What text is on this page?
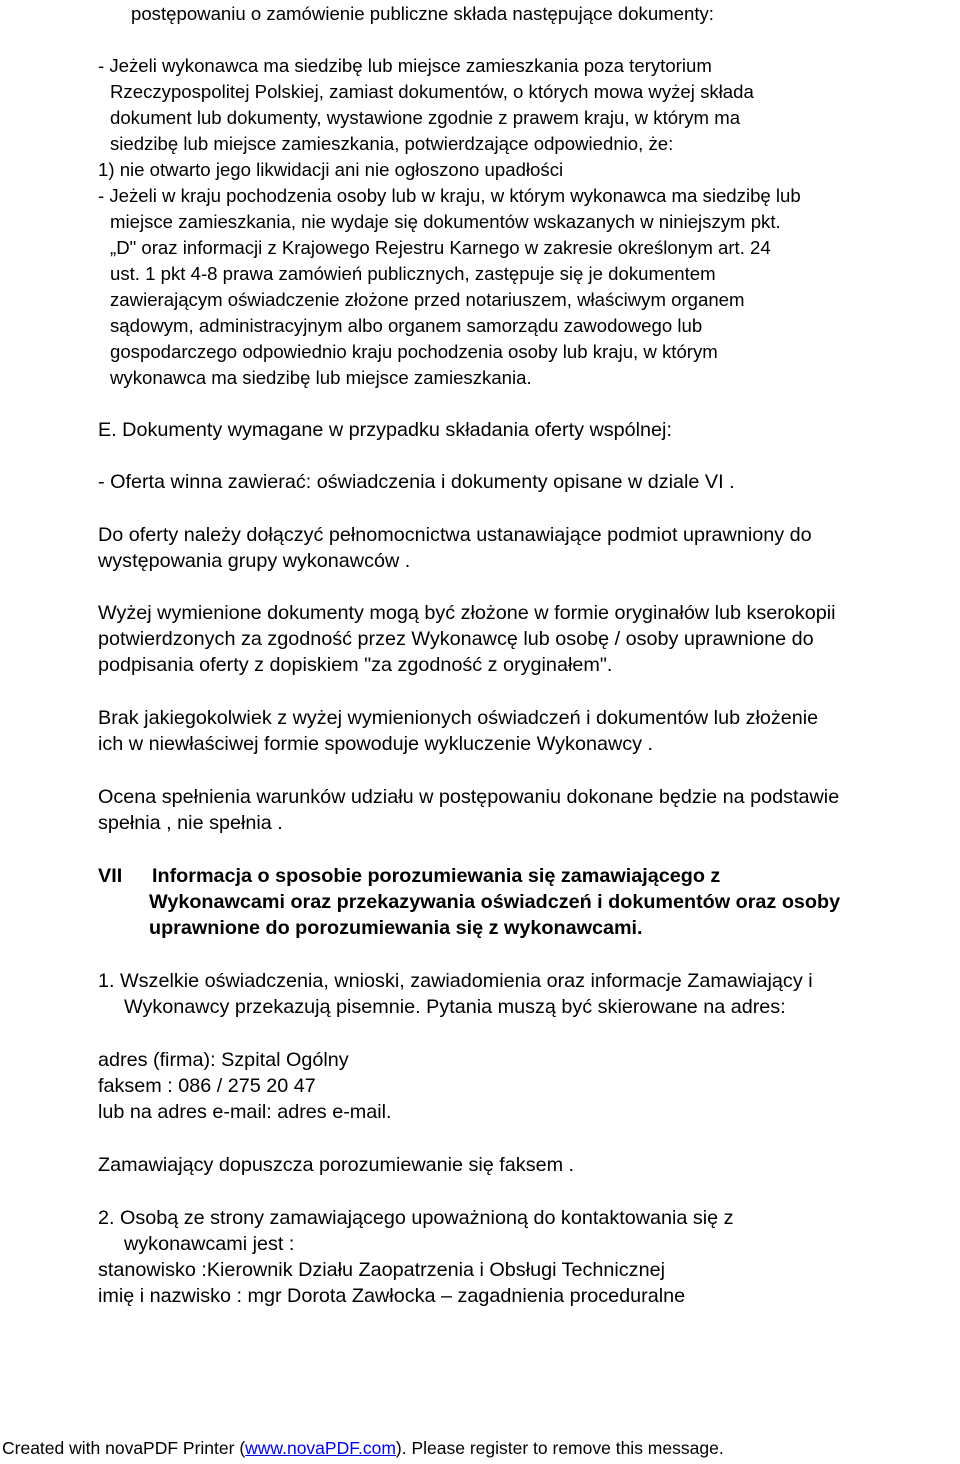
postępowaniu o zamówienie publiczne składa następujące dokumenty:
- Jeżeli wykonawca ma siedzibę lub miejsce zamieszkania poza terytorium
Rzeczypospolitej Polskiej, zamiast dokumentów, o których mowa wyżej składa
dokument lub dokumenty, wystawione zgodnie z prawem kraju, w którym ma
siedzibę lub miejsce zamieszkania, potwierdzające odpowiednio, że:
1) nie otwarto jego likwidacji ani nie ogłoszono upadłości
- Jeżeli w kraju pochodzenia osoby lub w kraju, w którym wykonawca ma siedzibę lub
miejsce zamieszkania, nie wydaje się dokumentów wskazanych w niniejszym pkt.
„D" oraz informacji z Krajowego Rejestru Karnego w zakresie określonym art. 24
ust. 1 pkt 4-8 prawa zamówień publicznych, zastępuje się je dokumentem
zawierającym oświadczenie złożone przed notariuszem, właściwym organem
sądowym, administracyjnym albo organem samorządu zawodowego lub
gospodarczego odpowiednio kraju pochodzenia osoby lub kraju, w którym
wykonawca ma siedzibę lub miejsce zamieszkania.
E. Dokumenty wymagane w przypadku składania oferty wspólnej:
- Oferta winna zawierać: oświadczenia i dokumenty opisane w dziale VI .
Do oferty należy dołączyć pełnomocnictwa ustanawiające podmiot uprawniony do
występowania grupy wykonawców .
Wyżej wymienione dokumenty mogą być złożone w formie oryginałów lub kserokopii
potwierdzonych za zgodność przez Wykonawcę lub osobę / osoby uprawnione do
podpisania oferty z dopiskiem "za zgodność z oryginałem".
Brak jakiegokolwiek z wyżej wymienionych oświadczeń i dokumentów lub złożenie
ich w niewłaściwej formie spowoduje wykluczenie Wykonawcy .
Ocena spełnienia warunków udziału w postępowaniu dokonane będzie na podstawie
spełnia , nie spełnia .
VII Informacja o sposobie porozumiewania się zamawiającego z
Wykonawcami oraz przekazywania oświadczeń i dokumentów oraz osoby
uprawnione do porozumiewania się z wykonawcami.
1. Wszelkie oświadczenia, wnioski, zawiadomienia oraz informacje Zamawiający i
Wykonawcy przekazują pisemnie. Pytania muszą być skierowane na adres:
adres (firma): Szpital Ogólny
faksem : 086 / 275 20 47
lub na adres e-mail: adres e-mail.
Zamawiający dopuszcza porozumiewanie się faksem .
2. Osobą ze strony zamawiającego upoważnioną do kontaktowania się z
wykonawcami jest :
stanowisko :Kierownik Działu Zaopatrzenia i Obsługi Technicznej
imię i nazwisko : mgr Dorota Zawłocka – zagadnienia proceduralne
Created with novaPDF Printer (www.novaPDF.com). Please register to remove this message.
